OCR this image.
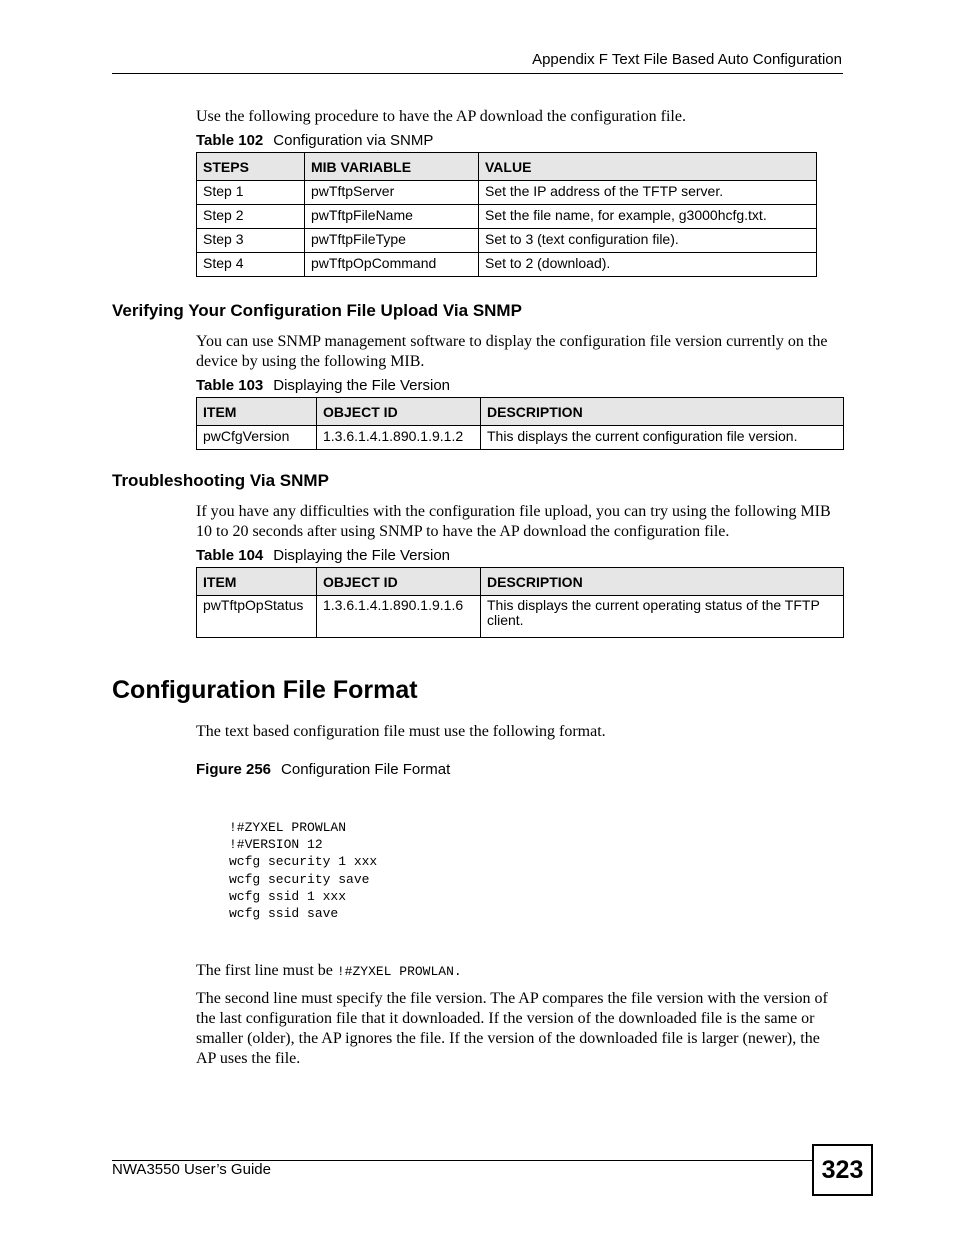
Appendix F Text File Based Auto Configuration
Use the following procedure to have the AP download the configuration file.
Table 102 Configuration via SNMP
STEPS	MIB VARIABLE	VALUE
Step 1	pwTftpServer	Set the IP address of the TFTP server.
Step 2	pwTftpFileName	Set the file name, for example, g3000hcfg.txt.
Step 3	pwTftpFileType	Set to 3 (text configuration file).
Step 4	pwTftpOpCommand	Set to 2 (download).
Verifying Your Configuration File Upload Via SNMP
You can use SNMP management software to display the configuration file version currently on the device by using the following MIB.
Table 103 Displaying the File Version
ITEM	OBJECT ID	DESCRIPTION
pwCfgVersion	1.3.6.1.4.1.890.1.9.1.2	This displays the current configuration file version.
Troubleshooting Via SNMP
If you have any difficulties with the configuration file upload, you can try using the following MIB 10 to 20 seconds after using SNMP to have the AP download the configuration file.
Table 104 Displaying the File Version
ITEM	OBJECT ID	DESCRIPTION
pwTftpOpStatus	1.3.6.1.4.1.890.1.9.1.6	This displays the current operating status of the TFTP client.
Configuration File Format
The text based configuration file must use the following format.
Figure 256 Configuration File Format
!#ZYXEL PROWLAN
!#VERSION 12
wcfg security 1 xxx
wcfg security save
wcfg ssid 1 xxx
wcfg ssid save
The first line must be !#ZYXEL PROWLAN.
The second line must specify the file version. The AP compares the file version with the version of the last configuration file that it downloaded. If the version of the downloaded file is the same or smaller (older), the AP ignores the file. If the version of the downloaded file is larger (newer), the AP uses the file.
NWA3550 User’s Guide	323
